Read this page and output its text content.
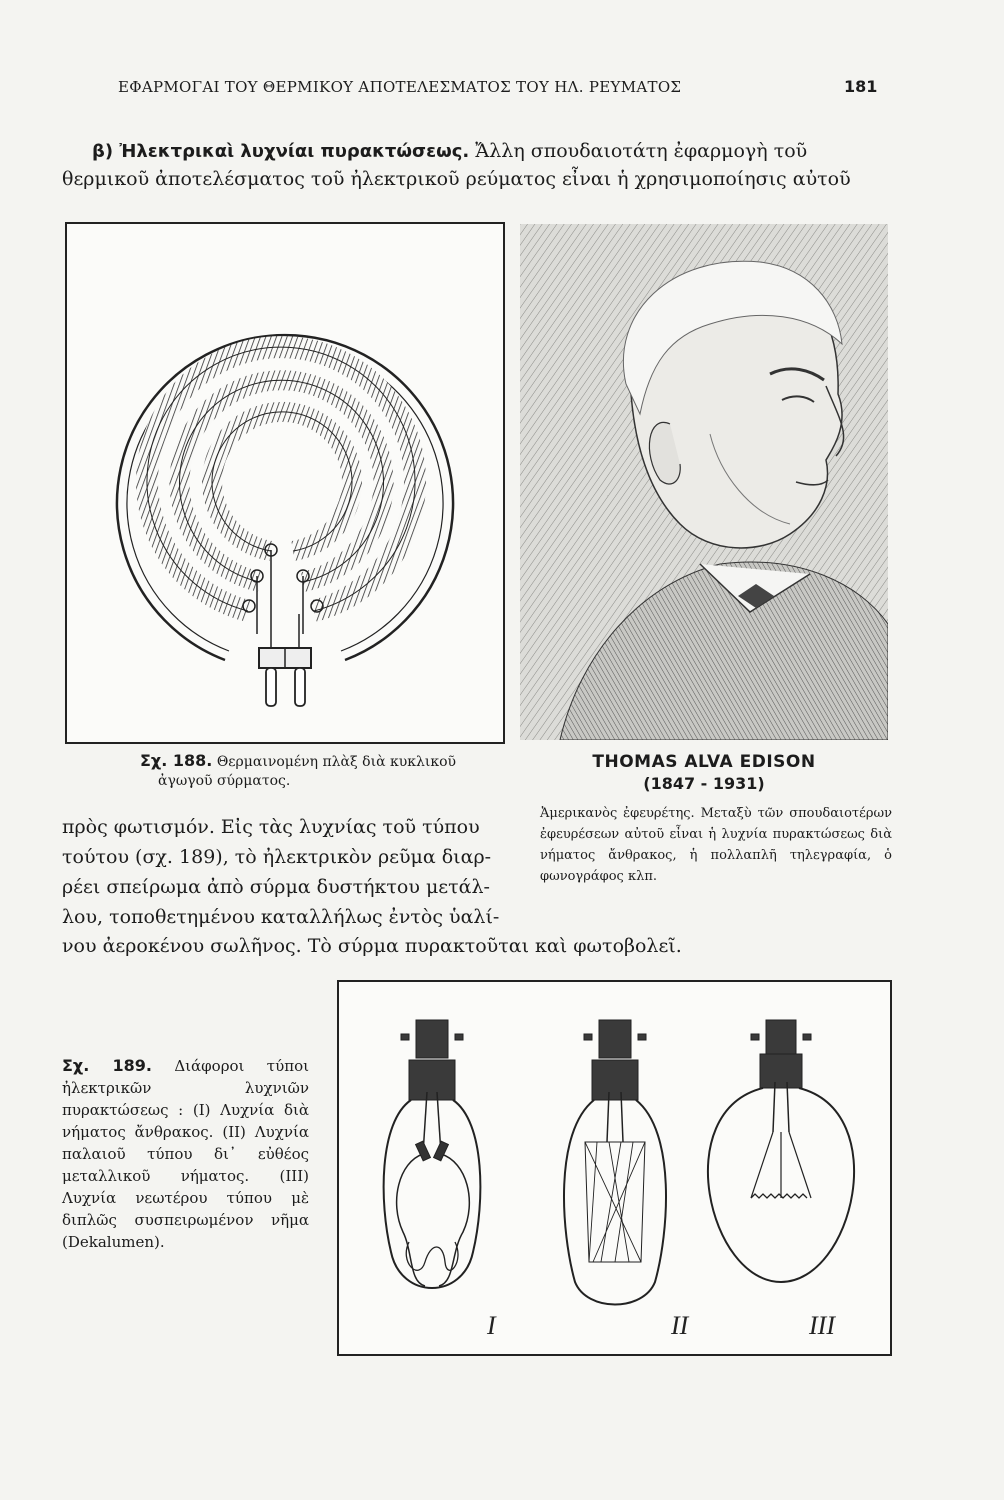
ΕΦΑΡΜΟΓΑΙ ΤΟΥ ΘΕΡΜΙΚΟΥ ΑΠΟΤΕΛΕΣΜΑΤΟΣ ΤΟΥ ΗΛ. ΡΕΥΜΑΤΟΣ	181
β) Ἠλεκτρικαὶ λυχνίαι πυρακτώσεως. Ἄλλη σπουδαιοτάτη ἐφαρμογὴ τοῦ
θερμικοῦ ἀποτελέσματος τοῦ ἠλεκτρικοῦ ρεύματος εἶναι ἡ χρησιμοποίησις αὐτοῦ
Σχ. 188. Θερμαινομένη πλὰξ διὰ κυκλικοῦ
ἀγωγοῦ σύρματος.
THOMAS ALVA EDISON
(1847 - 1931)
Ἀμερικανὸς ἐφευρέτης. Μεταξὺ τῶν σπουδαιοτέρων ἐφευρέσεων αὐτοῦ εἶναι ἡ λυχνία πυρακτώσεως διὰ νήματος ἄνθρακος, ἡ πολλαπλῆ τηλεγραφία, ὁ φωνογράφος κλπ.
πρὸς φωτισμόν. Εἰς τὰς λυχνίας τοῦ τύπου
τούτου (σχ. 189), τὸ ἠλεκτρικὸν ρεῦμα διαρ-
ρέει σπείρωμα ἀπὸ σύρμα δυστήκτου μετάλ-
λου, τοποθετημένου καταλλήλως ἐντὸς ὑαλί-
νου ἀεροκένου σωλῆνος. Τὸ σύρμα πυρακτοῦται καὶ φωτοβολεῖ.
Σχ. 189. Διάφοροι τύποι ἠλεκτρικῶν λυχνιῶν πυρακτώσεως : (I) Λυχνία διὰ νήματος ἄνθρακος. (II) Λυχνία παλαιοῦ τύπου δι᾿ εὐθέος μεταλλικοῦ νήματος. (III) Λυχνία νεωτέρου τύπου μὲ διπλῶς συσπειρωμένον νῆμα (Dekalumen).
I	II	III
